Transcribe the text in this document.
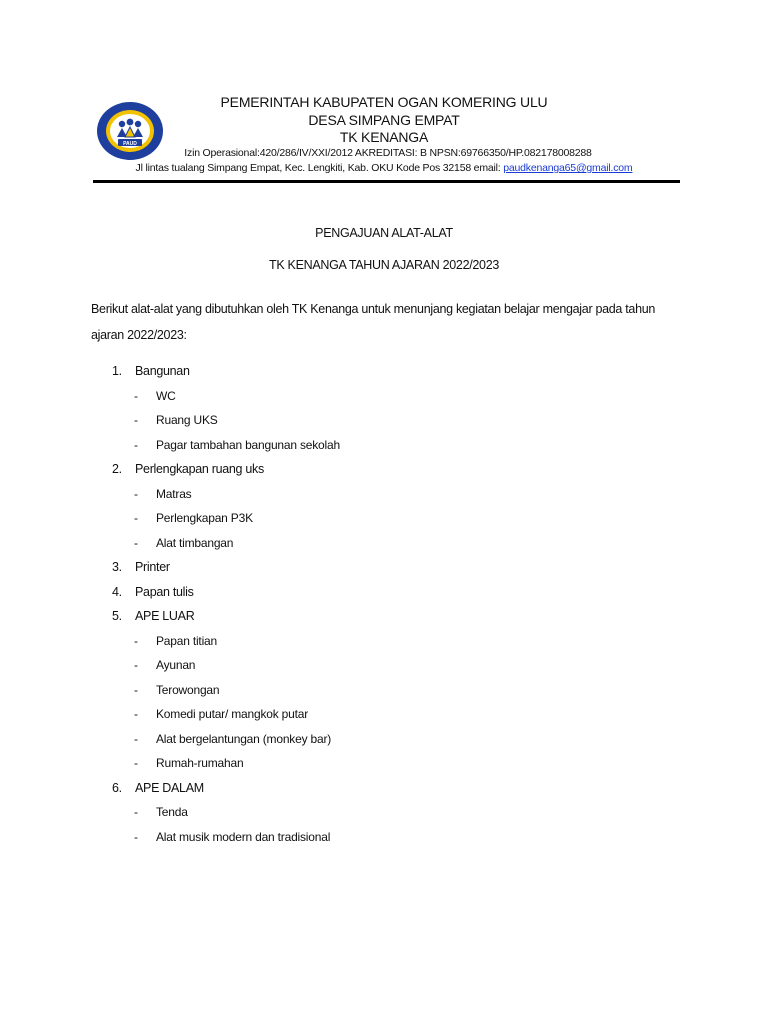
PAUD
PEMERINTAH KABUPATEN OGAN KOMERING ULU
DESA SIMPANG EMPAT
TK KENANGA
Izin Operasional:420/286/IV/XXI/2012 AKREDITASI: B NPSN:69766350/HP.082178008288
Jl lintas tualang Simpang Empat, Kec. Lengkiti, Kab. OKU Kode Pos 32158 email: paudkenanga65@gmail.com
PENGAJUAN ALAT-ALAT
TK KENANGA TAHUN AJARAN 2022/2023
Berikut alat-alat yang dibutuhkan oleh TK Kenanga untuk menunjang kegiatan belajar mengajar pada tahun ajaran 2022/2023:
1. Bangunan
- WC
- Ruang UKS
- Pagar tambahan bangunan sekolah
2. Perlengkapan ruang uks
- Matras
- Perlengkapan P3K
- Alat timbangan
3. Printer
4. Papan tulis
5. APE LUAR
- Papan titian
- Ayunan
- Terowongan
- Komedi putar/ mangkok putar
- Alat bergelantungan (monkey bar)
- Rumah-rumahan
6. APE DALAM
- Tenda
- Alat musik modern dan tradisional
